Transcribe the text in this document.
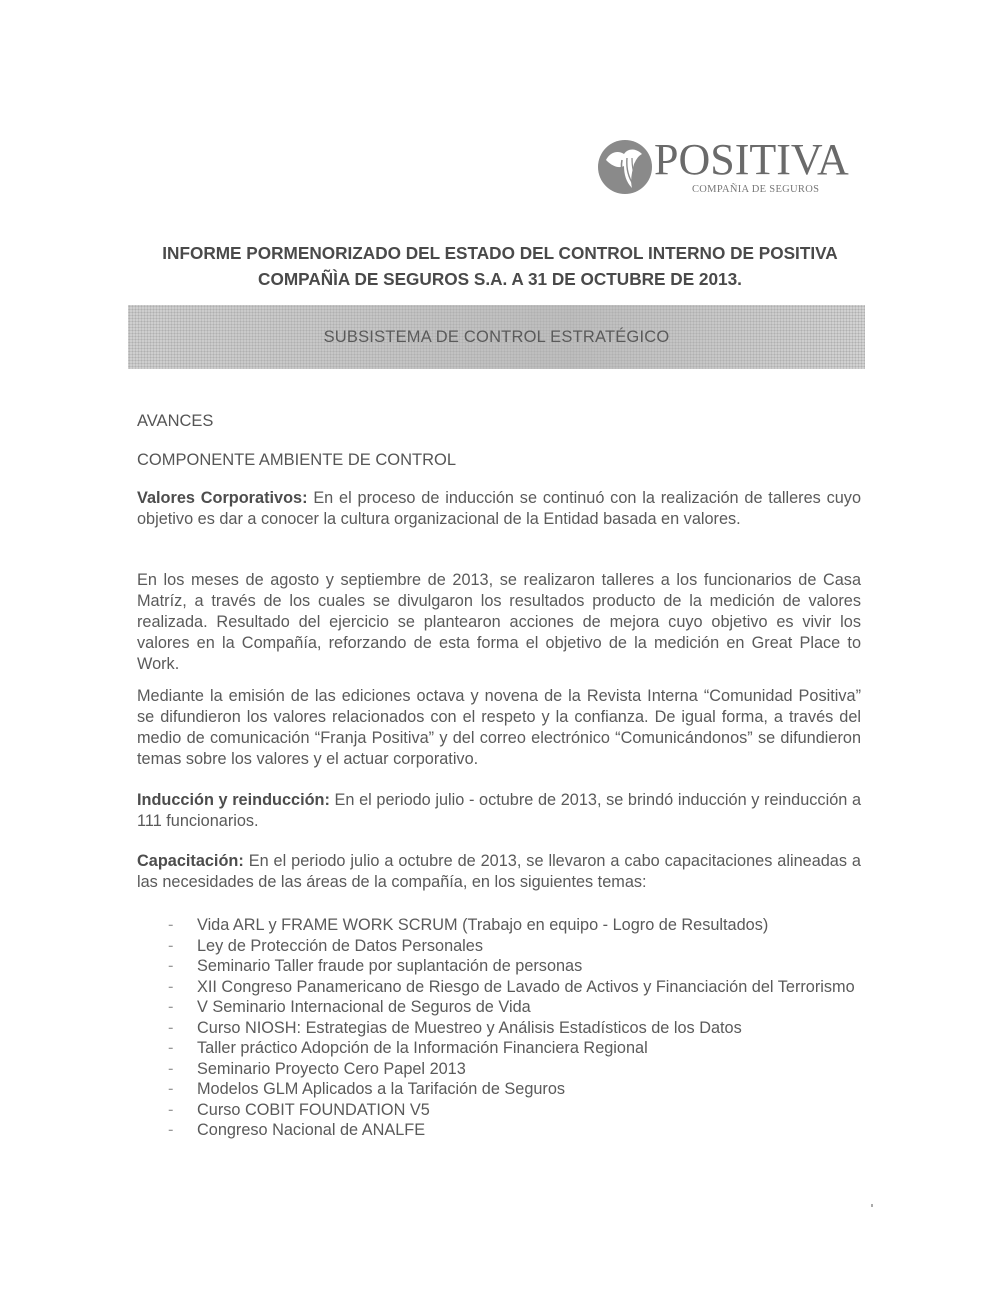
POSITIVA
COMPAÑIA DE SEGUROS
INFORME PORMENORIZADO DEL ESTADO DEL CONTROL INTERNO DE POSITIVA
COMPAÑÌA DE SEGUROS S.A. A 31 DE OCTUBRE DE 2013.
SUBSISTEMA DE CONTROL ESTRATÉGICO
AVANCES
COMPONENTE AMBIENTE DE CONTROL
Valores Corporativos: En el proceso de inducción se continuó con la realización de talleres cuyo objetivo es dar a conocer la cultura organizacional de la Entidad basada en valores.
En los meses de agosto y septiembre de 2013, se realizaron talleres a los funcionarios de Casa Matríz, a través de los cuales se divulgaron los resultados producto de la medición de valores realizada. Resultado del ejercicio se plantearon acciones de mejora cuyo objetivo es vivir los valores en la Compañía, reforzando de esta forma el objetivo de la medición en Great Place to Work.
Mediante la emisión de las ediciones octava y novena de la Revista Interna “Comunidad Positiva” se difundieron los valores relacionados con el respeto y la confianza. De igual forma, a través del medio de comunicación “Franja Positiva” y del correo electrónico “Comunicándonos” se difundieron temas sobre los valores y el actuar corporativo.
Inducción y reinducción: En el periodo julio - octubre de 2013, se brindó inducción y reinducción a 111 funcionarios.
Capacitación: En el periodo julio a octubre de 2013, se llevaron a cabo capacitaciones alineadas a las necesidades de las áreas de la compañía, en los siguientes temas:
- Vida ARL y FRAME WORK SCRUM (Trabajo en equipo - Logro de Resultados)
- Ley de Protección de Datos Personales
- Seminario Taller fraude por suplantación de personas
- XII Congreso Panamericano de Riesgo de Lavado de Activos y Financiación del Terrorismo
- V Seminario Internacional de Seguros de Vida
- Curso NIOSH: Estrategias de Muestreo y Análisis Estadísticos de los Datos
- Taller práctico Adopción de la Información Financiera Regional
- Seminario Proyecto Cero Papel 2013
- Modelos GLM Aplicados a la Tarifación de Seguros
- Curso COBIT FOUNDATION V5
- Congreso Nacional de ANALFE
